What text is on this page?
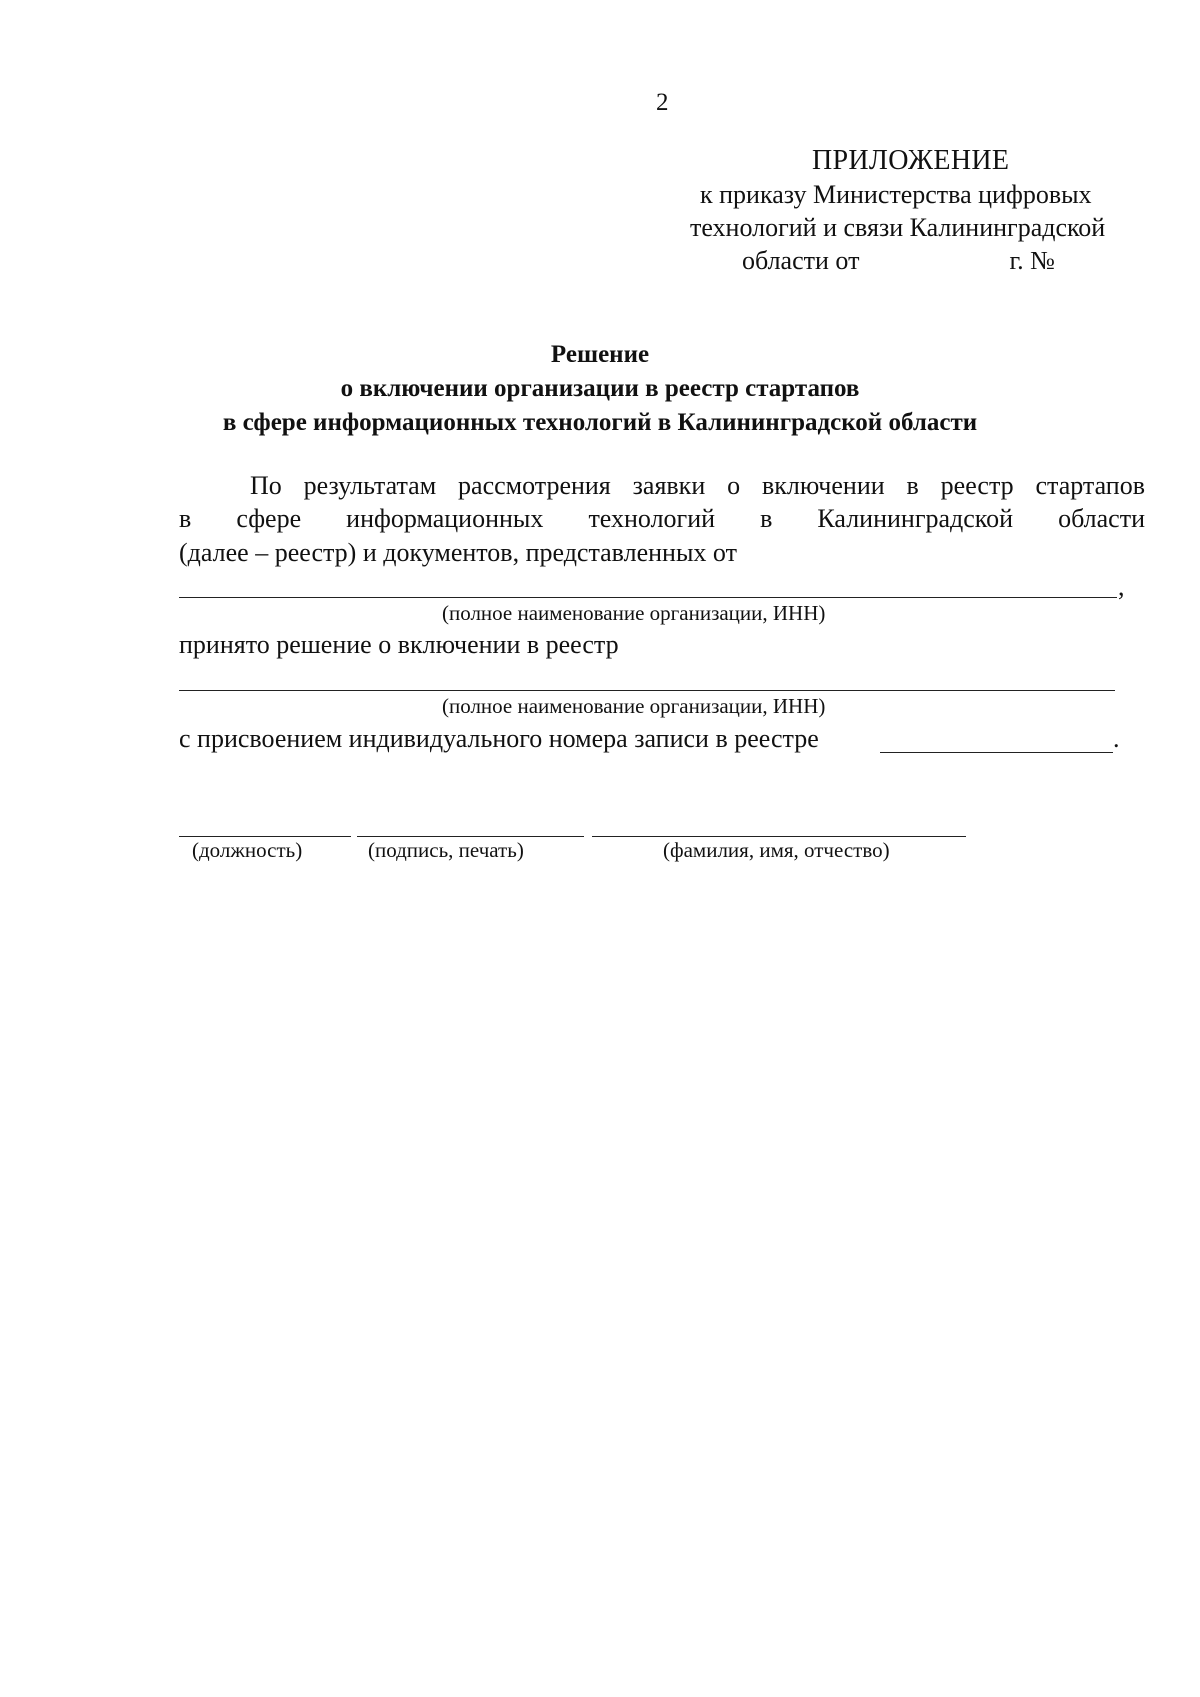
2
ПРИЛОЖЕНИЕ
к приказу Министерства цифровых
технологий и связи Калининградской
области от	г. №
Решение
о включении организации в реестр стартапов
в сфере информационных технологий в Калининградской области
По результатам рассмотрения заявки о включении в реестр стартапов
в сфере информационных технологий в Калининградской области
(далее – реестр) и документов, представленных от
,
(полное наименование организации, ИНН)
принято решение о включении в реестр
(полное наименование организации, ИНН)
с присвоением индивидуального номера записи в реестре	.
(должность)	(подпись, печать)	(фамилия, имя, отчество)
